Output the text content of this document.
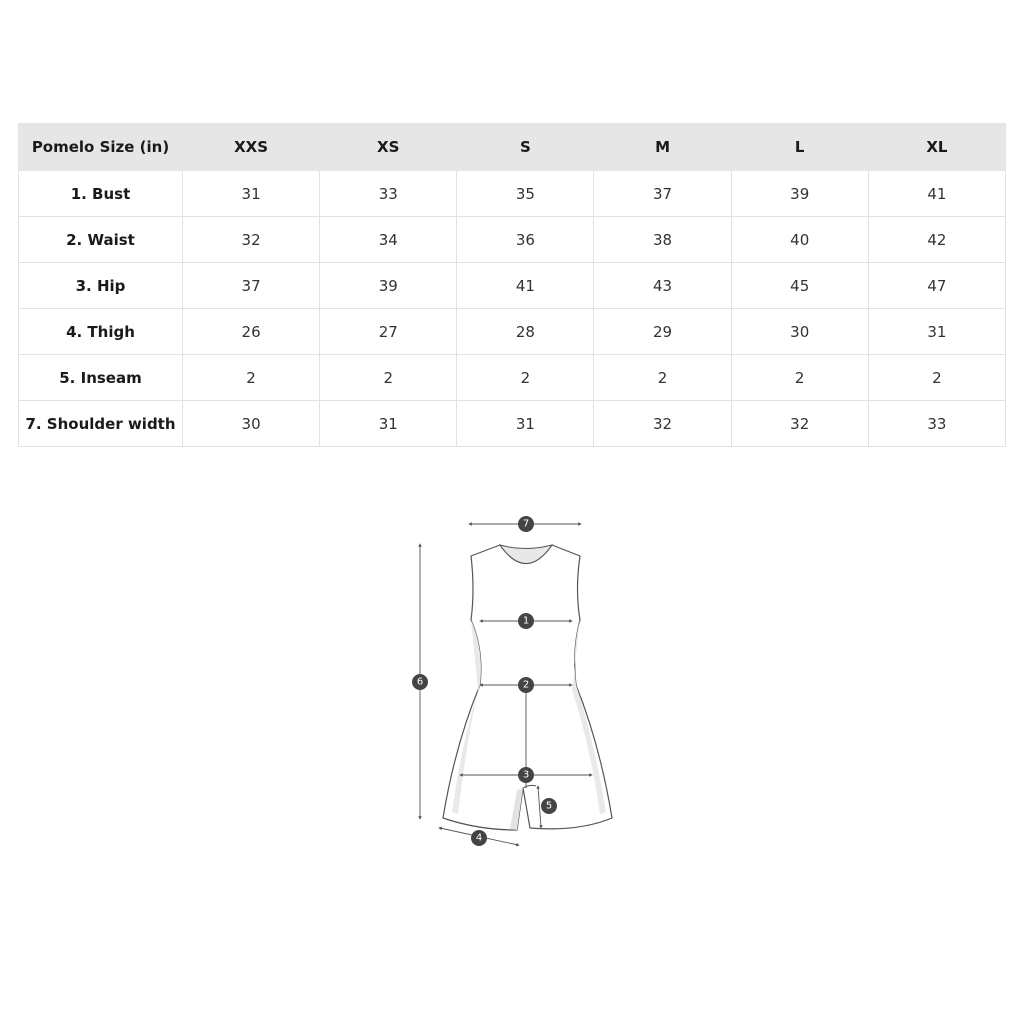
Pomelo Size (in)	XXS	XS	S	M	L	XL
1. Bust	31	33	35	37	39	41
2. Waist	32	34	36	38	40	42
3. Hip	37	39	41	43	45	47
4. Thigh	26	27	28	29	30	31
5. Inseam	2	2	2	2	2	2
7. Shoulder width	30	31	31	32	32	33
7
1
2
3
4
5
6
